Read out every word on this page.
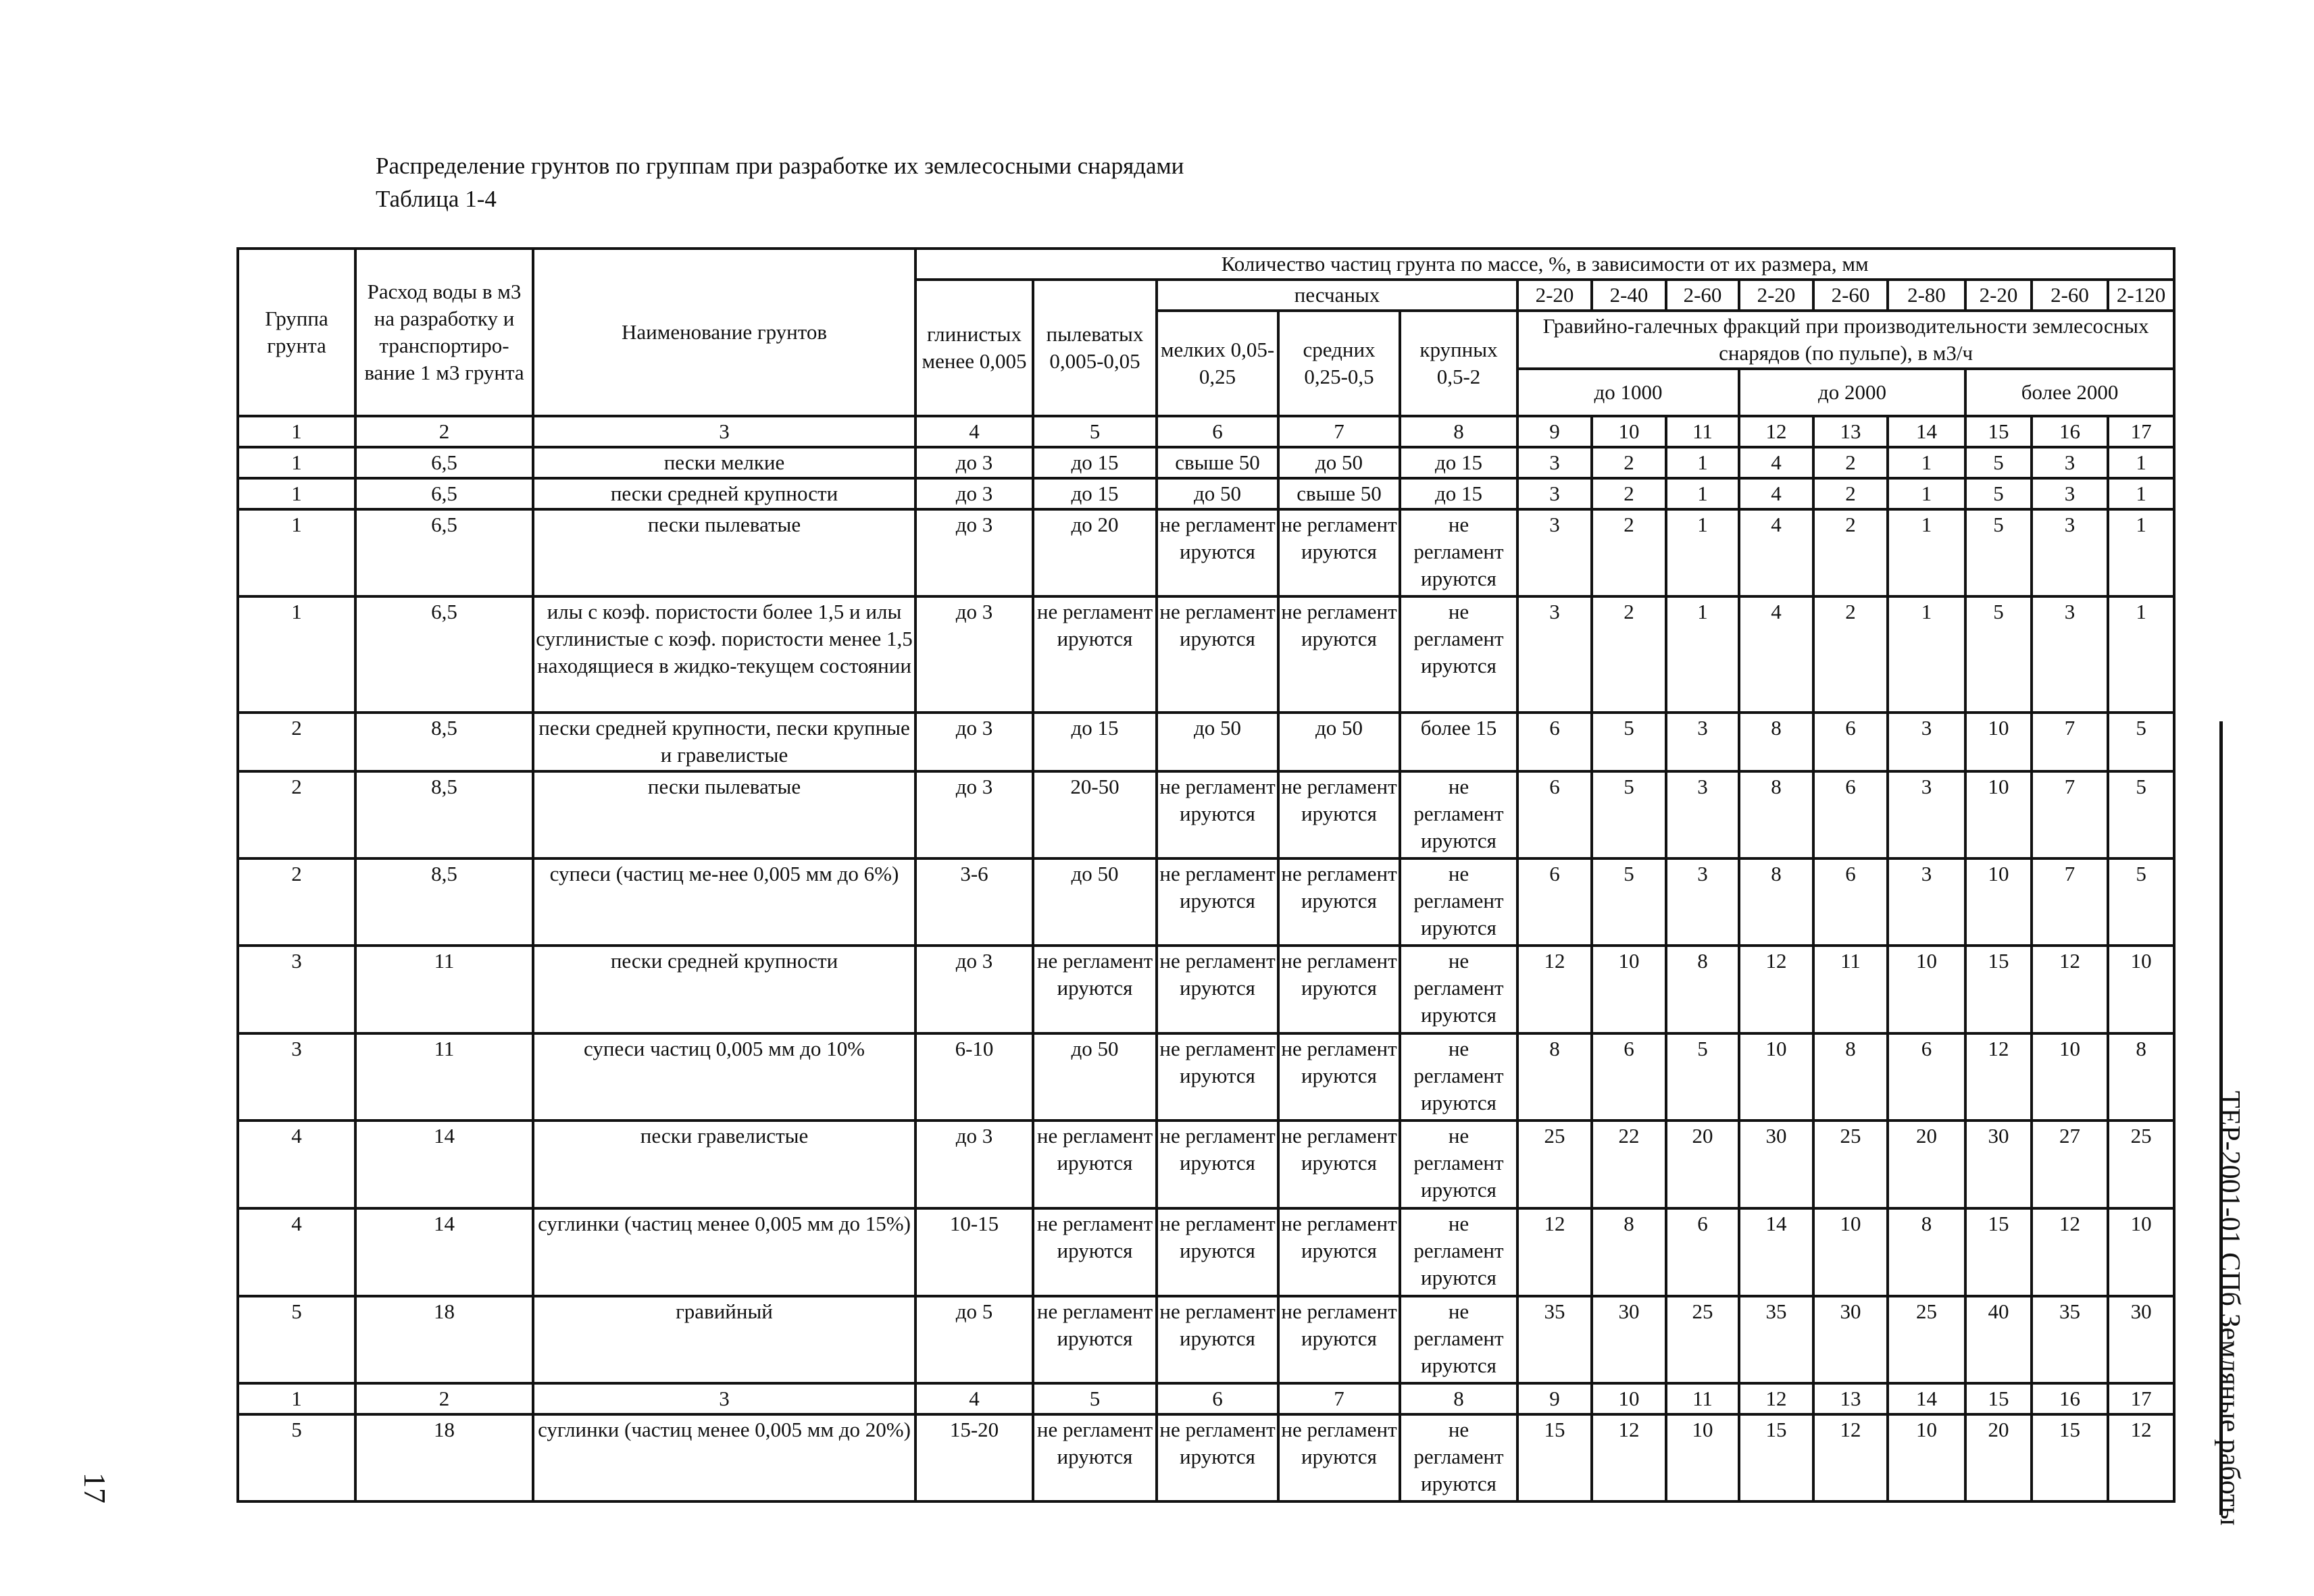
Распределение грунтов по группам при разработке их землесосными снарядами
Таблица 1-4
Группа грунта	Расход воды в м3 на разработку и транспортиро-вание 1 м3 грунта	Наименование грунтов	Количество частиц грунта по массе, %, в зависимости от их размера, мм													
			глинистых менее 0,005	пылеватых 0,005-0,05	песчаных			2-20	2-40	2-60	2-20	2-60	2-80	2-20	2-60	2-120
					мелких 0,05-0,25	средних 0,25-0,5	крупных 0,5-2	Гравийно-галечных фракций при производительности землесосных снарядов (по пульпе), в м3/ч								
								до 1000			до 2000			более 2000		
1	2	3	4	5	6	7	8	9	10	11	12	13	14	15	16	17
1	6,5	пески мелкие	до 3	до 15	свыше 50	до 50	до 15	3	2	1	4	2	1	5	3	1
1	6,5	пески средней крупности	до 3	до 15	до 50	свыше 50	до 15	3	2	1	4	2	1	5	3	1
1	6,5	пески пылеватые	до 3	до 20	не регламент ируются	не регламент ируются	не регламент ируются	3	2	1	4	2	1	5	3	1
1	6,5	илы с коэф. пористости более 1,5 и илы суглинистые с коэф. пористости менее 1,5 находящиеся в жидко-текущем состоянии	до 3	не регламент ируются	не регламент ируются	не регламент ируются	не регламент ируются	3	2	1	4	2	1	5	3	1
2	8,5	пески средней крупности, пески крупные и гравелистые	до 3	до 15	до 50	до 50	более 15	6	5	3	8	6	3	10	7	5
2	8,5	пески пылеватые	до 3	20-50	не регламент ируются	не регламент ируются	не регламент ируются	6	5	3	8	6	3	10	7	5
2	8,5	супеси (частиц ме-нее 0,005 мм до 6%)	3-6	до 50	не регламент ируются	не регламент ируются	не регламент ируются	6	5	3	8	6	3	10	7	5
3	11	пески средней крупности	до 3	не регламент ируются	не регламент ируются	не регламент ируются	не регламент ируются	12	10	8	12	11	10	15	12	10
3	11	супеси частиц 0,005 мм до 10%	6-10	до 50	не регламент ируются	не регламент ируются	не регламент ируются	8	6	5	10	8	6	12	10	8
4	14	пески гравелистые	до 3	не регламент ируются	не регламент ируются	не регламент ируются	не регламент ируются	25	22	20	30	25	20	30	27	25
4	14	суглинки (частиц менее 0,005 мм до 15%)	10-15	не регламент ируются	не регламент ируются	не регламент ируются	не регламент ируются	12	8	6	14	10	8	15	12	10
5	18	гравийный	до 5	не регламент ируются	не регламент ируются	не регламент ируются	не регламент ируются	35	30	25	35	30	25	40	35	30
1	2	3	4	5	6	7	8	9	10	11	12	13	14	15	16	17
5	18	суглинки (частиц менее 0,005 мм до 20%)	15-20	не регламент ируются	не регламент ируются	не регламент ируются	не регламент ируются	15	12	10	15	12	10	20	15	12 ТЕР-2001-01 СПб Земляные работы
17
